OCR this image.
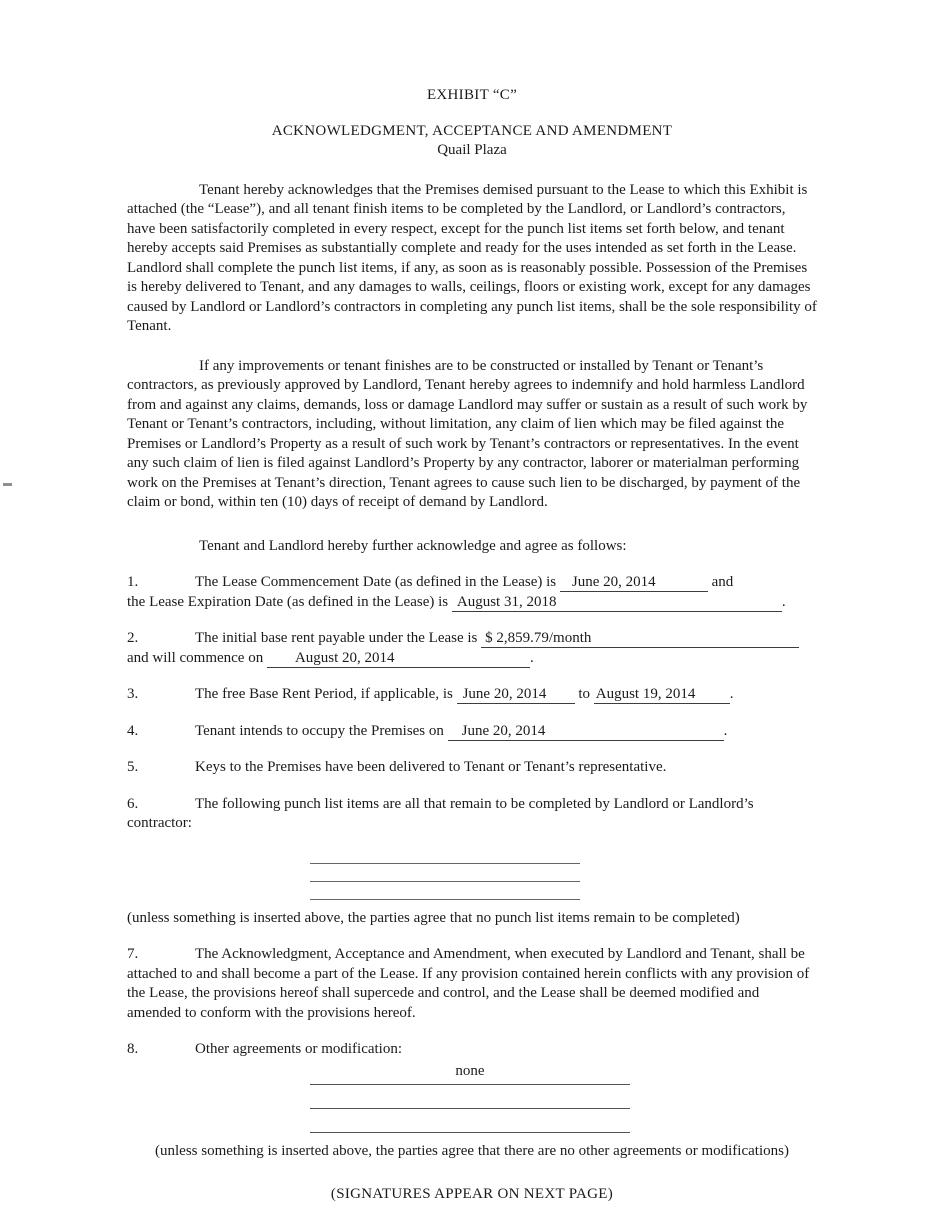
EXHIBIT “C”
ACKNOWLEDGMENT, ACCEPTANCE AND AMENDMENT
Quail Plaza
Tenant hereby acknowledges that the Premises demised pursuant to the Lease to which this Exhibit is attached (the “Lease”), and all tenant finish items to be completed by the Landlord, or Landlord’s contractors, have been satisfactorily completed in every respect, except for the punch list items set forth below, and tenant hereby accepts said Premises as substantially complete and ready for the uses intended as set forth in the Lease. Landlord shall complete the punch list items, if any, as soon as is reasonably possible. Possession of the Premises is hereby delivered to Tenant, and any damages to walls, ceilings, floors or existing work, except for any damages caused by Landlord or Landlord’s contractors in completing any punch list items, shall be the sole responsibility of Tenant.
If any improvements or tenant finishes are to be constructed or installed by Tenant or Tenant’s contractors, as previously approved by Landlord, Tenant hereby agrees to indemnify and hold harmless Landlord from and against any claims, demands, loss or damage Landlord may suffer or sustain as a result of such work by Tenant or Tenant’s contractors, including, without limitation, any claim of lien which may be filed against the Premises or Landlord’s Property as a result of such work by Tenant’s contractors or representatives. In the event any such claim of lien is filed against Landlord’s Property by any contractor, laborer or materialman performing work on the Premises at Tenant’s direction, Tenant agrees to cause such lien to be discharged, by payment of the claim or bond, within ten (10) days of receipt of demand by Landlord.
Tenant and Landlord hereby further acknowledge and agree as follows:
1.	The Lease Commencement Date (as defined in the Lease) is June 20, 2014	and
the Lease Expiration Date (as defined in the Lease) is August 31, 2018	.
2.	The initial base rent payable under the Lease is $ 2,859.79/month
and will commence on August 20, 2014	.
3.	The free Base Rent Period, if applicable, is June 20, 2014 to August 19, 2014 .
4.	Tenant intends to occupy the Premises on June 20, 2014	.
5.	Keys to the Premises have been delivered to Tenant or Tenant’s representative.
6.	The following punch list items are all that remain to be completed by Landlord or Landlord’s contractor:
(unless something is inserted above, the parties agree that no punch list items remain to be completed)
7.	The Acknowledgment, Acceptance and Amendment, when executed by Landlord and Tenant, shall be attached to and shall become a part of the Lease. If any provision contained herein conflicts with any provision of the Lease, the provisions hereof shall supercede and control, and the Lease shall be deemed modified and amended to conform with the provisions hereof.
8.	Other agreements or modification:
none
(unless something is inserted above, the parties agree that there are no other agreements or modifications)
(SIGNATURES APPEAR ON NEXT PAGE)
